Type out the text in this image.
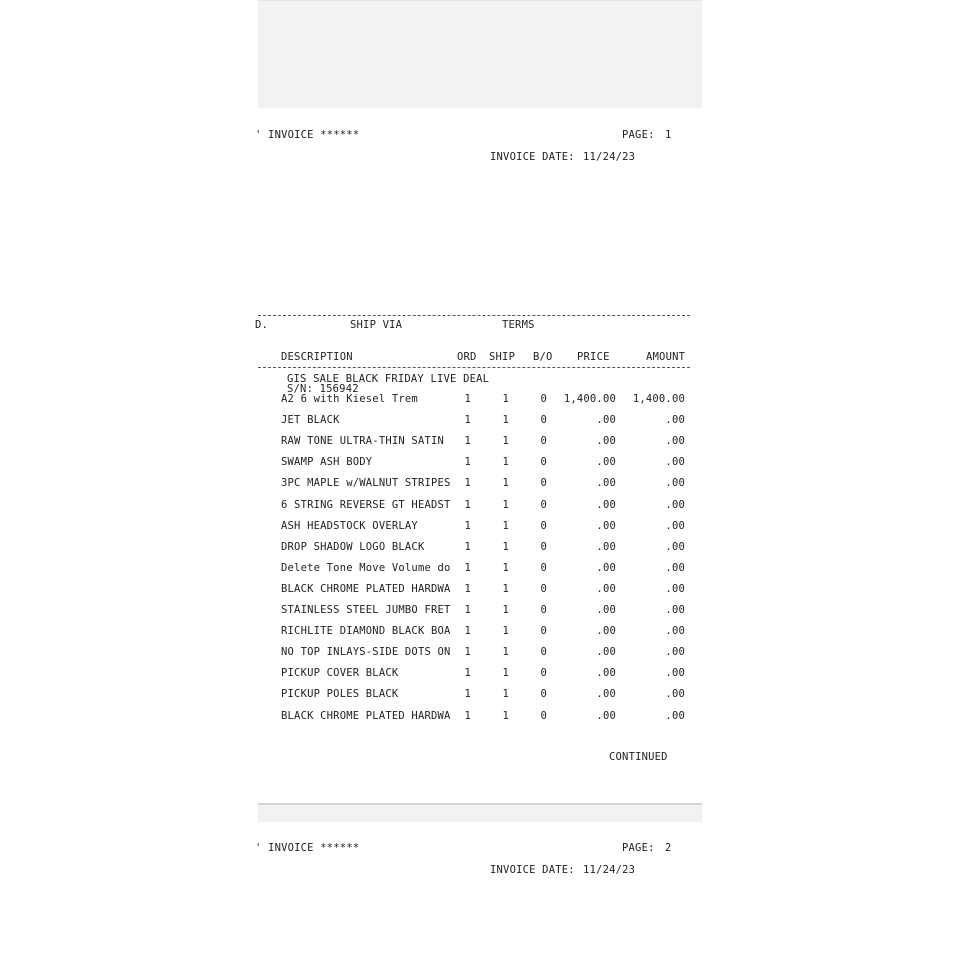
' INVOICE ******	PAGE: 1
INVOICE DATE: 11/24/23
D.	SHIP VIA	TERMS
DESCRIPTION	ORD SHIP B/O PRICE	AMOUNT
GIS SALE BLACK FRIDAY LIVE DEAL
S/N: 156942
A2 6 with Kiesel Trem	1	1	0 1,400.00 1,400.00
JET BLACK	1	1	0	.00	.00
RAW TONE ULTRA-THIN SATIN 1	1	0	.00	.00
SWAMP ASH BODY	1	1	0	.00	.00
3PC MAPLE w/WALNUT STRIPES 1	1	0	.00	.00
6 STRING REVERSE GT HEADST 1	1	0	.00	.00
ASH HEADSTOCK OVERLAY	1	1	0	.00	.00
DROP SHADOW LOGO BLACK	1	1	0	.00	.00
Delete Tone Move Volume do 1	1	0	.00	.00
BLACK CHROME PLATED HARDWA 1	1	0	.00	.00
STAINLESS STEEL JUMBO FRET 1	1	0	.00	.00
RICHLITE DIAMOND BLACK BOA 1	1	0	.00	.00
NO TOP INLAYS-SIDE DOTS ON 1	1	0	.00	.00
PICKUP COVER BLACK	1	1	0	.00	.00
PICKUP POLES BLACK	1	1	0	.00	.00
BLACK CHROME PLATED HARDWA 1	1	0	.00	.00
CONTINUED
' INVOICE ******	PAGE: 2
INVOICE DATE: 11/24/23
